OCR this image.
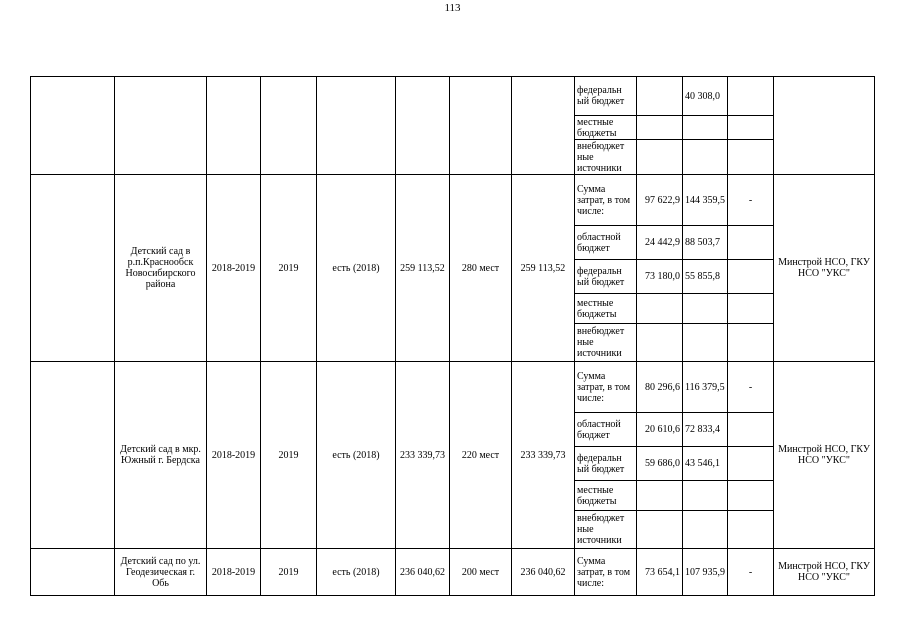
113
								федеральн ый бюджет		40 308,0		
								местные бюджеты				
								внебюджет ные источники				
	Детский сад в р.п.Краснообск Новосибирского района	2018-2019	2019	есть (2018)	259 113,52	280 мест	259 113,52	Сумма затрат, в том числе:	97 622,9	144 359,5	-	Минстрой НСО, ГКУ НСО "УКС"
								областной бюджет	24 442,9	88 503,7		
								федеральн ый бюджет	73 180,0	55 855,8		
								местные бюджеты				
								внебюджет ные источники				
	Детский сад в мкр. Южный г. Бердска	2018-2019	2019	есть (2018)	233 339,73	220 мест	233 339,73	Сумма затрат, в том числе:	80 296,6	116 379,5	-	Минстрой НСО, ГКУ НСО "УКС"
								областной бюджет	20 610,6	72 833,4		
								федеральн ый бюджет	59 686,0	43 546,1		
								местные бюджеты				
								внебюджет ные источники				
	Детский сад по ул. Геодезическая г. Обь	2018-2019	2019	есть (2018)	236 040,62	200 мест	236 040,62	Сумма затрат, в том числе:	73 654,1	107 935,9	-	Минстрой НСО, ГКУ НСО "УКС"
